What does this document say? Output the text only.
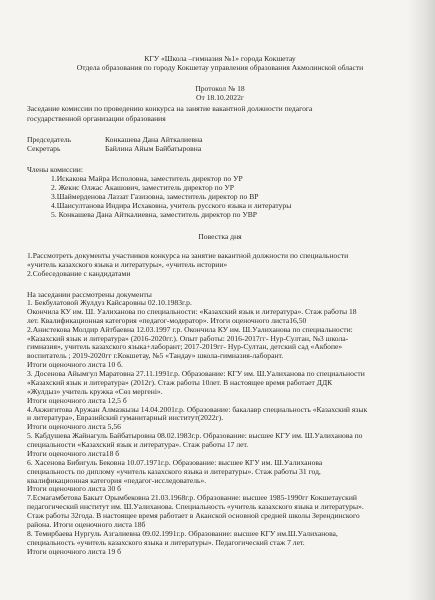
КГУ «Школа –гимназия №1» города Кокшетау
Отдела образования по городу Кокшетау управления образования Акмолинской области
Протокол № 18
От 18.10.2022г
Заседание комиссии по проведению конкурса на занятие вакантной должности педагога
государственной организации образования
Председатель	Конкашева Дана Айткалиевна
Секретарь	Байлина Айым Байбатыровна
Члены комиссии:
1.Искакова Майра Исполовна, заместитель директор по УР
2. Жекис Олжас Акашович, заместитель директор по УР
3.Шаймерденова Лаззат Газизовна, заместитель директор по ВР
4.Шаисултанова Индира Исхаковна, учитель русского языка и литературы
5. Конкашева Дана Айткалиевна, заместитель директор по УВР
Повестка дня
1.Рассмотреть документы участников конкурса на занятие вакантной должности по специальности
«учитель казахского языка и литературы», «учитель истории»
2.Собеседование с кандидатами
На заседании рассмотрены документы
1. Бекбулатовой Жулдуз Кайсаровны 02.10.1983г.р.
Окончила КУ им. Ш. Уалиханова по специальности: «Казахский язык и литература». Стаж работы 18
лет. Квалификационная категория «педагог-модератор». Итоги оценочного листа16,50
2.Анистекова Молдир Айтбаевна 12.03.1997 г.р. Окончила КУ им. Ш.Уалиханова по специальности:
«Казахский язык и литература» (2016-2020гг.). Опыт работы: 2016-2017гг- Нур-Султан, №3 школа-
гимназия», учитель казахского языка+лаборант; 2017-2019гг- Нур-Султан, детский сад «Акбопе»
воспитатель ; 2019-2020гг г.Кокшетау, №5 «Тандау» школа-гимназия-лаборант.
Итоги оценочного листа 10 б.
3. Досеновa Айымгул Маратовна 27.11.1991г.р. Образование: КГУ им. Ш.Уалиханова по специальности
«Казахский язык и литература» (2012г). Стаж работы 10лет. В настоящее время работает ДДК
«Жулдыз» учитель кружка «Сөз мергені».
Итоги оценочного листа 12,5 б
4.Акжигитова Аружан Алмазкызы 14.04.2001г.р. Образование: бакалавр специальность «Казахский язык
и литература», Евразийский гуманитарный институт(2022г).
Итоги оценочного листа 5,56
5. Кабдушева Жайнагуль Байбатыровна 08.02.1983г.р. Образование: высшее КГУ им. Ш.Уалиханова по
специальности «Казахский язык и литература». Стаж работы 17 лет.
Итоги оценочного листа18 б
6. Хасенова Бибигуль Бековна 10.07.1971г.р. Образование: высшее КГУ им. Ш.Уалиханова
специальность по диплому «учитель казахского языка и литературы». Стаж работы 31 год,
квалификационная категория «педагог-исследователь».
Итоги оценочного листа 30 б
7.Есмагамбетова Бакыт Орымбековна 21.03.1968г.р. Образование: высшее 1985-1990гг Кокшетауский
педагогический институт им. Ш.Уалиханова. Специальность «учитель казахского языка и литературы».
Стаж работы 32года. В настоящее время работает в Аканской основной средней школы Зерендинского
района. Итоги оценочного листа 18б
8. Темирбаева Нургуль Азгалиевна 09.02.1991г.р. Образование: высшее КГУ им.Ш.Уалиханова,
специальность «учитель казахского языка и литературы». Педагогический стаж 7 лет.
Итоги оценочного листа 19 б
